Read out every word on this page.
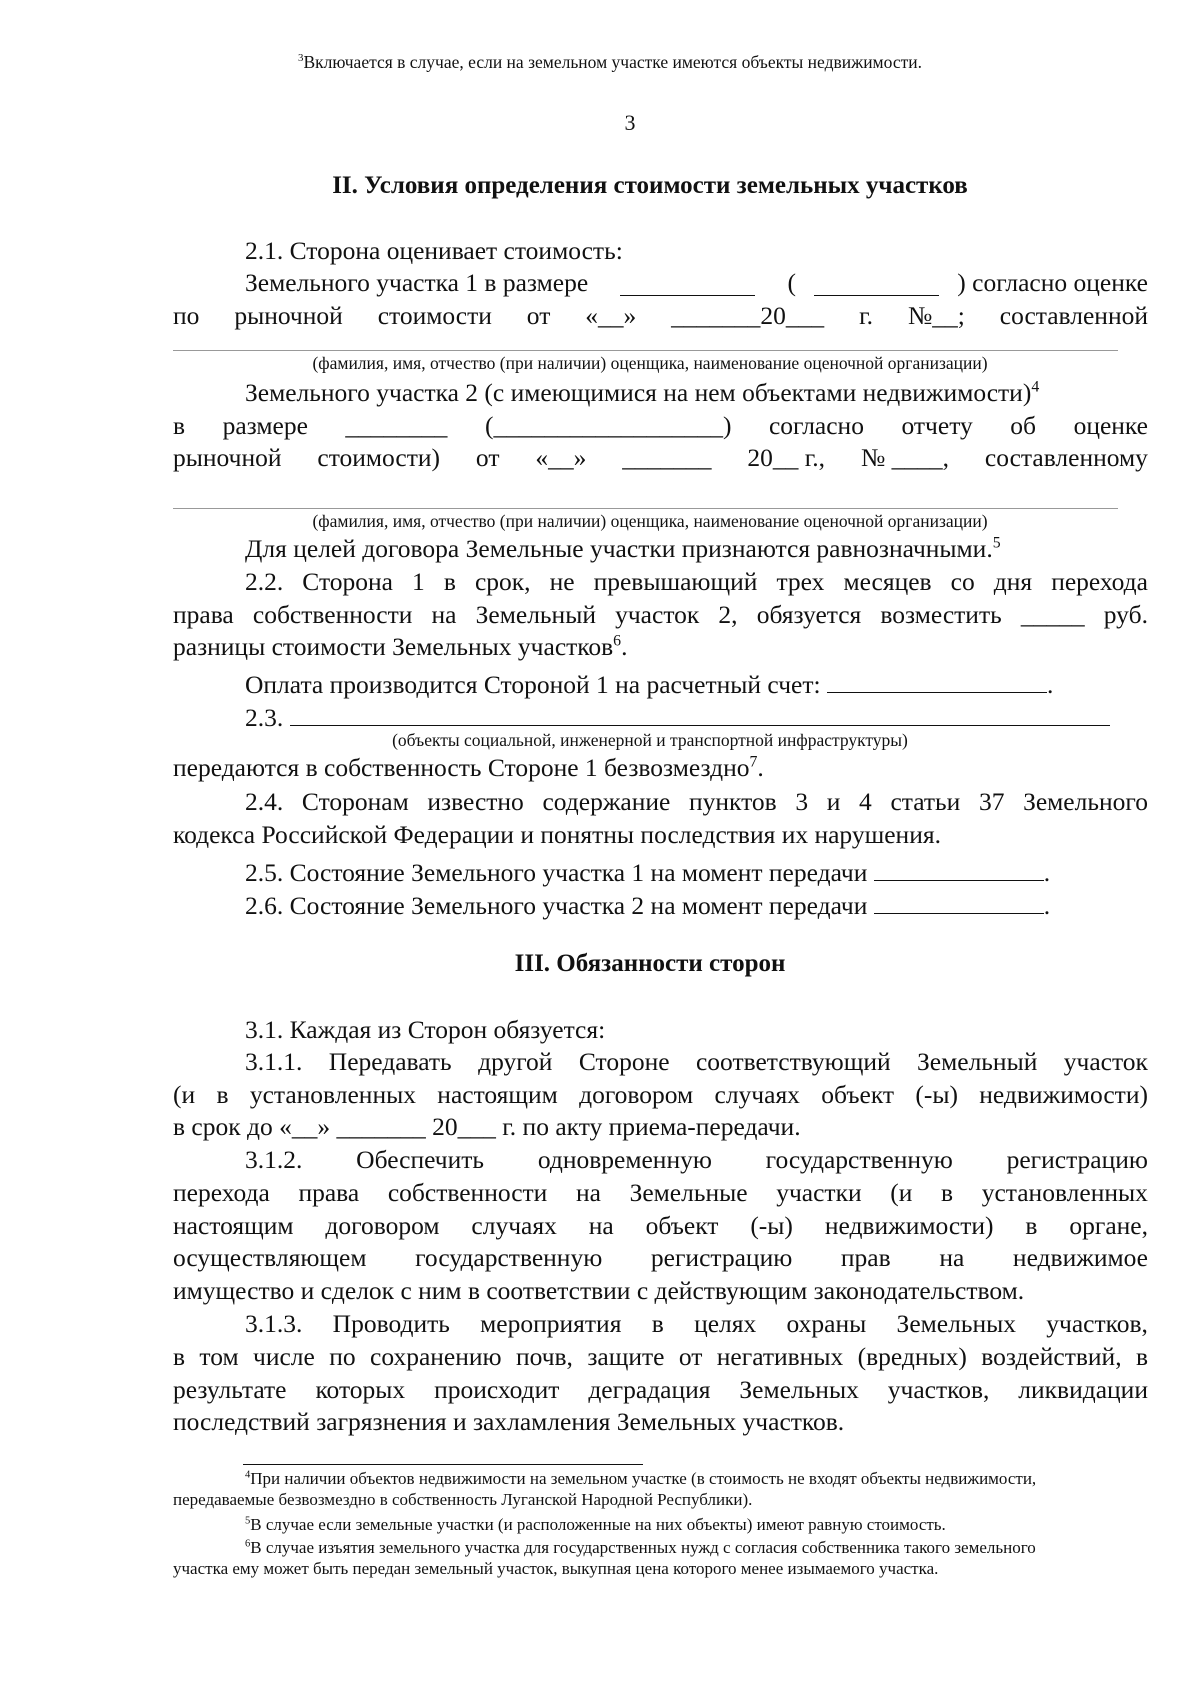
$^3$Включается в случае, если на земельном участке имеются объекты недвижимости.
3
II. Условия определения стоимости земельных участков
2.1. Сторона оценивает стоимость:
Земельного участка 1 в размере	(	) согласно оценке
по рыночной стоимости от «__» _______20___ г. №__; составленной
(фамилия, имя, отчество (при наличии) оценщика, наименование оценочной организации)
Земельного участка 2 (с имеющимися на нем объектами недвижимости)$^4$
в размере ________ (__________________) согласно отчету об оценке
рыночной стоимости) от «__» _______ 20__ г., № ____, составленному
(фамилия, имя, отчество (при наличии) оценщика, наименование оценочной организации)
Для целей договора Земельные участки признаются равнозначными.$^5$
2.2. Сторона 1 в срок, не превышающий трех месяцев со дня перехода
права собственности на Земельный участок 2, обязуется возместить _____ руб.
разницы стоимости Земельных участков$^6$.
Оплата производится Стороной 1 на расчетный счет:	.
2.3.
(объекты социальной, инженерной и транспортной инфраструктуры)
передаются в собственность Стороне 1 безвозмездно$^7$.
2.4. Сторонам известно содержание пунктов 3 и 4 статьи 37 Земельного
кодекса Российской Федерации и понятны последствия их нарушения.
2.5. Состояние Земельного участка 1 на момент передачи	.
2.6. Состояние Земельного участка 2 на момент передачи	.
III. Обязанности сторон
3.1. Каждая из Сторон обязуется:
3.1.1. Передавать другой Стороне соответствующий Земельный участок
(и в установленных настоящим договором случаях объект (-ы) недвижимости)
в срок до «__» _______ 20___ г. по акту приема-передачи.
3.1.2. Обеспечить одновременную государственную регистрацию
перехода права собственности на Земельные участки (и в установленных
настоящим договором случаях на объект (-ы) недвижимости) в органе,
осуществляющем государственную регистрацию прав на недвижимое
имущество и сделок с ним в соответствии с действующим законодательством.
3.1.3. Проводить мероприятия в целях охраны Земельных участков,
в том числе по сохранению почв, защите от негативных (вредных) воздействий, в
результате которых происходит деградация Земельных участков, ликвидации
последствий загрязнения и захламления Земельных участков.
$^4$При наличии объектов недвижимости на земельном участке (в стоимость не входят объекты недвижимости,
передаваемые безвозмездно в собственность Луганской Народной Республики).
$^5$В случае если земельные участки (и расположенные на них объекты) имеют равную стоимость.
$^6$В случае изъятия земельного участка для государственных нужд с согласия собственника такого земельного
участка ему может быть передан земельный участок, выкупная цена которого менее изымаемого участка.
